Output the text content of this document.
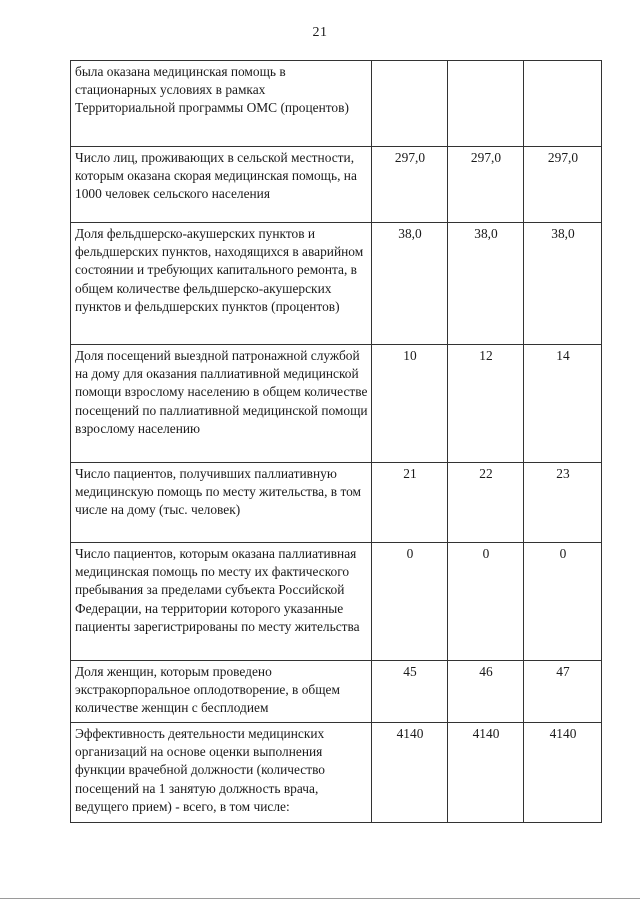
21
была оказана медицинская помощь в стационарных условиях в рамках Территориальной программы ОМС (процентов)			
Число лиц, проживающих в сельской местности, которым оказана скорая медицинская помощь, на 1000 человек сельского населения	297,0	297,0	297,0
Доля фельдшерско-акушерских пунктов и фельдшерских пунктов, находящихся в аварийном состоянии и требующих капитального ремонта, в общем количестве фельдшерско-акушерских пунктов и фельдшерских пунктов (процентов)	38,0	38,0	38,0
Доля посещений выездной патронажной службой на дому для оказания паллиативной медицинской помощи взрослому населению в общем количестве посещений по паллиативной медицинской помощи взрослому населению	10	12	14
Число пациентов, получивших паллиативную медицинскую помощь по месту жительства, в том числе на дому (тыс. человек)	21	22	23
Число пациентов, которым оказана паллиативная медицинская помощь по месту их фактического пребывания за пределами субъекта Российской Федерации, на территории которого указанные пациенты зарегистрированы по месту жительства	0	0	0
Доля женщин, которым проведено экстракорпоральное оплодотворение, в общем количестве женщин с бесплодием	45	46	47
Эффективность деятельности медицинских организаций на основе оценки выполнения функции врачебной должности (количество посещений на 1 занятую должность врача, ведущего прием) - всего, в том числе:	4140	4140	4140
